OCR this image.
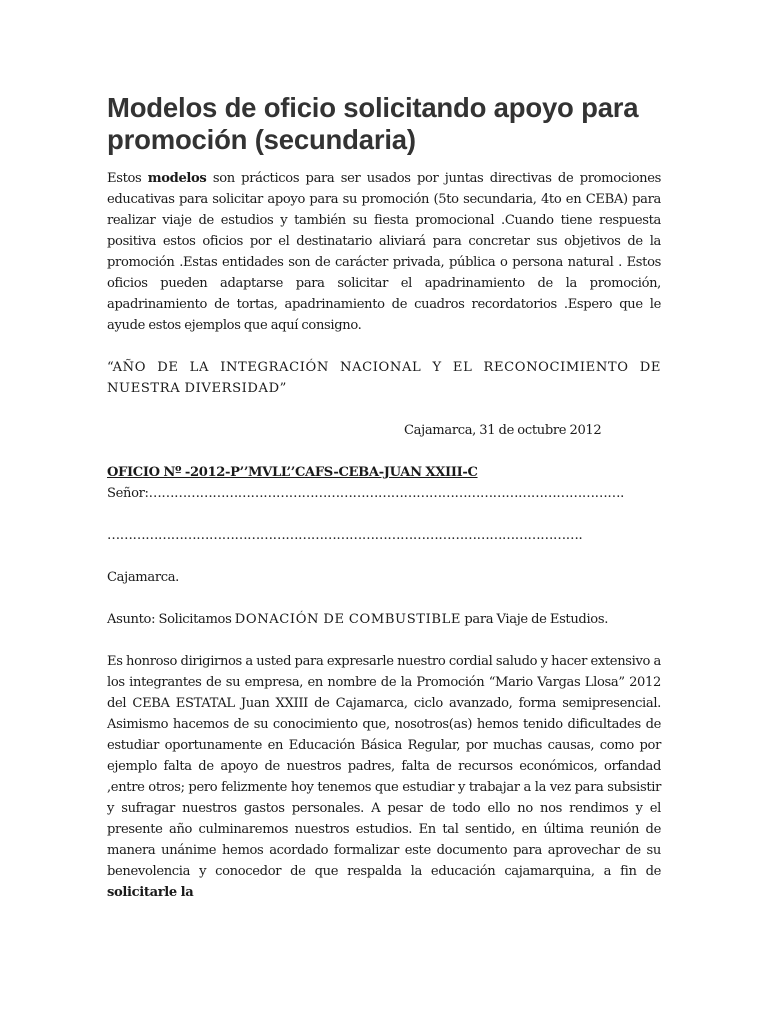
Modelos de oficio solicitando apoyo para promoción (secundaria)

Estos modelos son prácticos para ser usados por juntas directivas de promociones educativas para solicitar apoyo para su promoción (5to secundaria, 4to en CEBA) para realizar viaje de estudios y también su fiesta promocional .Cuando tiene respuesta positiva estos oficios por el destinatario aliviará para concretar sus objetivos de la promoción .Estas entidades son de carácter privada, pública o persona natural . Estos oficios pueden adaptarse para solicitar el apadrinamiento de la promoción, apadrinamiento de tortas, apadrinamiento de cuadros recordatorios .Espero que le ayude estos ejemplos que aquí consigno.

“AÑO DE LA INTEGRACIÓN NACIONAL Y EL RECONOCIMIENTO DE NUESTRA DIVERSIDAD”

Cajamarca, 31 de octubre 2012

OFICIO Nº -2012-P’’MVLL’’CAFS-CEBA-JUAN XXIII-C

Señor:………………………………………………………………………………………………….

………………………………………………………………………………………………….

Cajamarca.

Asunto: Solicitamos DONACIÓN DE COMBUSTIBLE para Viaje de Estudios.

Es honroso dirigirnos a usted para expresarle nuestro cordial saludo y hacer extensivo a los integrantes de su empresa, en nombre de la Promoción “Mario Vargas Llosa” 2012 del CEBA ESTATAL Juan XXIII de Cajamarca, ciclo avanzado, forma semipresencial. Asimismo hacemos de su conocimiento que, nosotros(as) hemos tenido dificultades de estudiar oportunamente en Educación Básica Regular, por muchas causas, como por ejemplo falta de apoyo de nuestros padres, falta de recursos económicos, orfandad ,entre otros; pero felizmente hoy tenemos que estudiar y trabajar a la vez para subsistir y sufragar nuestros gastos personales. A pesar de todo ello no nos rendimos y el presente año culminaremos nuestros estudios. En tal sentido, en última reunión de manera unánime hemos acordado formalizar este documento para aprovechar de su benevolencia y conocedor de que respalda la educación cajamarquina, a fin de solicitarle la
